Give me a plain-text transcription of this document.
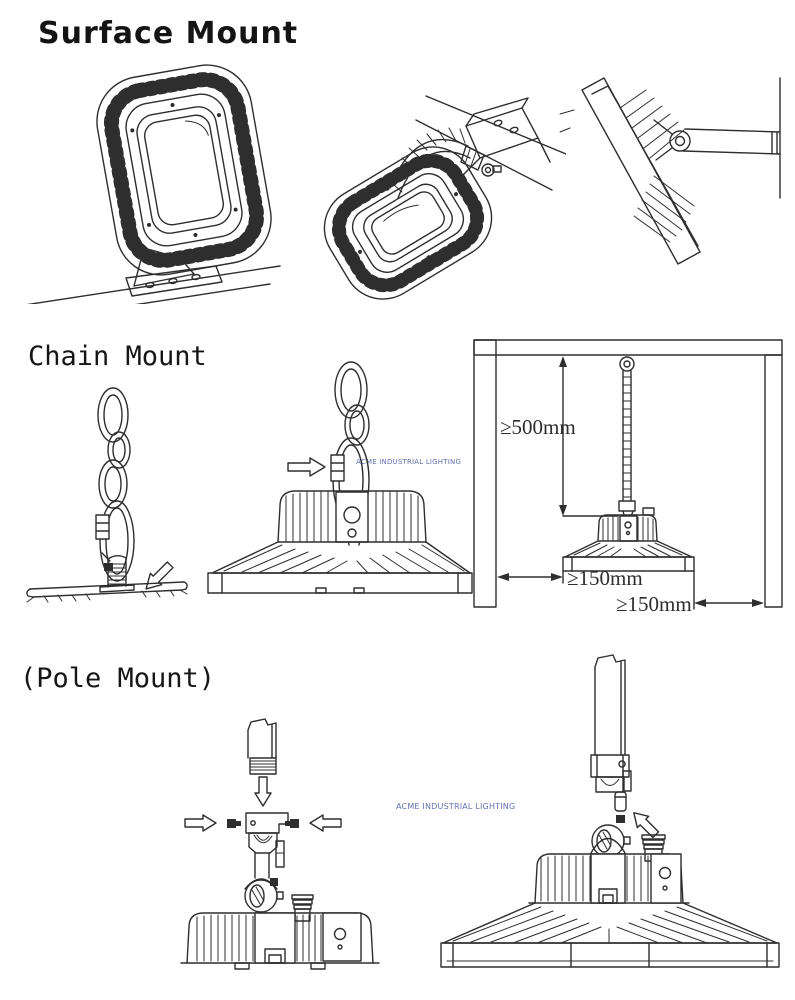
Surface Mount
Chain Mount
(Pole Mount)
ACME INDUSTRIAL LIGHTING
ACME INDUSTRIAL LIGHTING
≥500mm
≥150mm
≥150mm
